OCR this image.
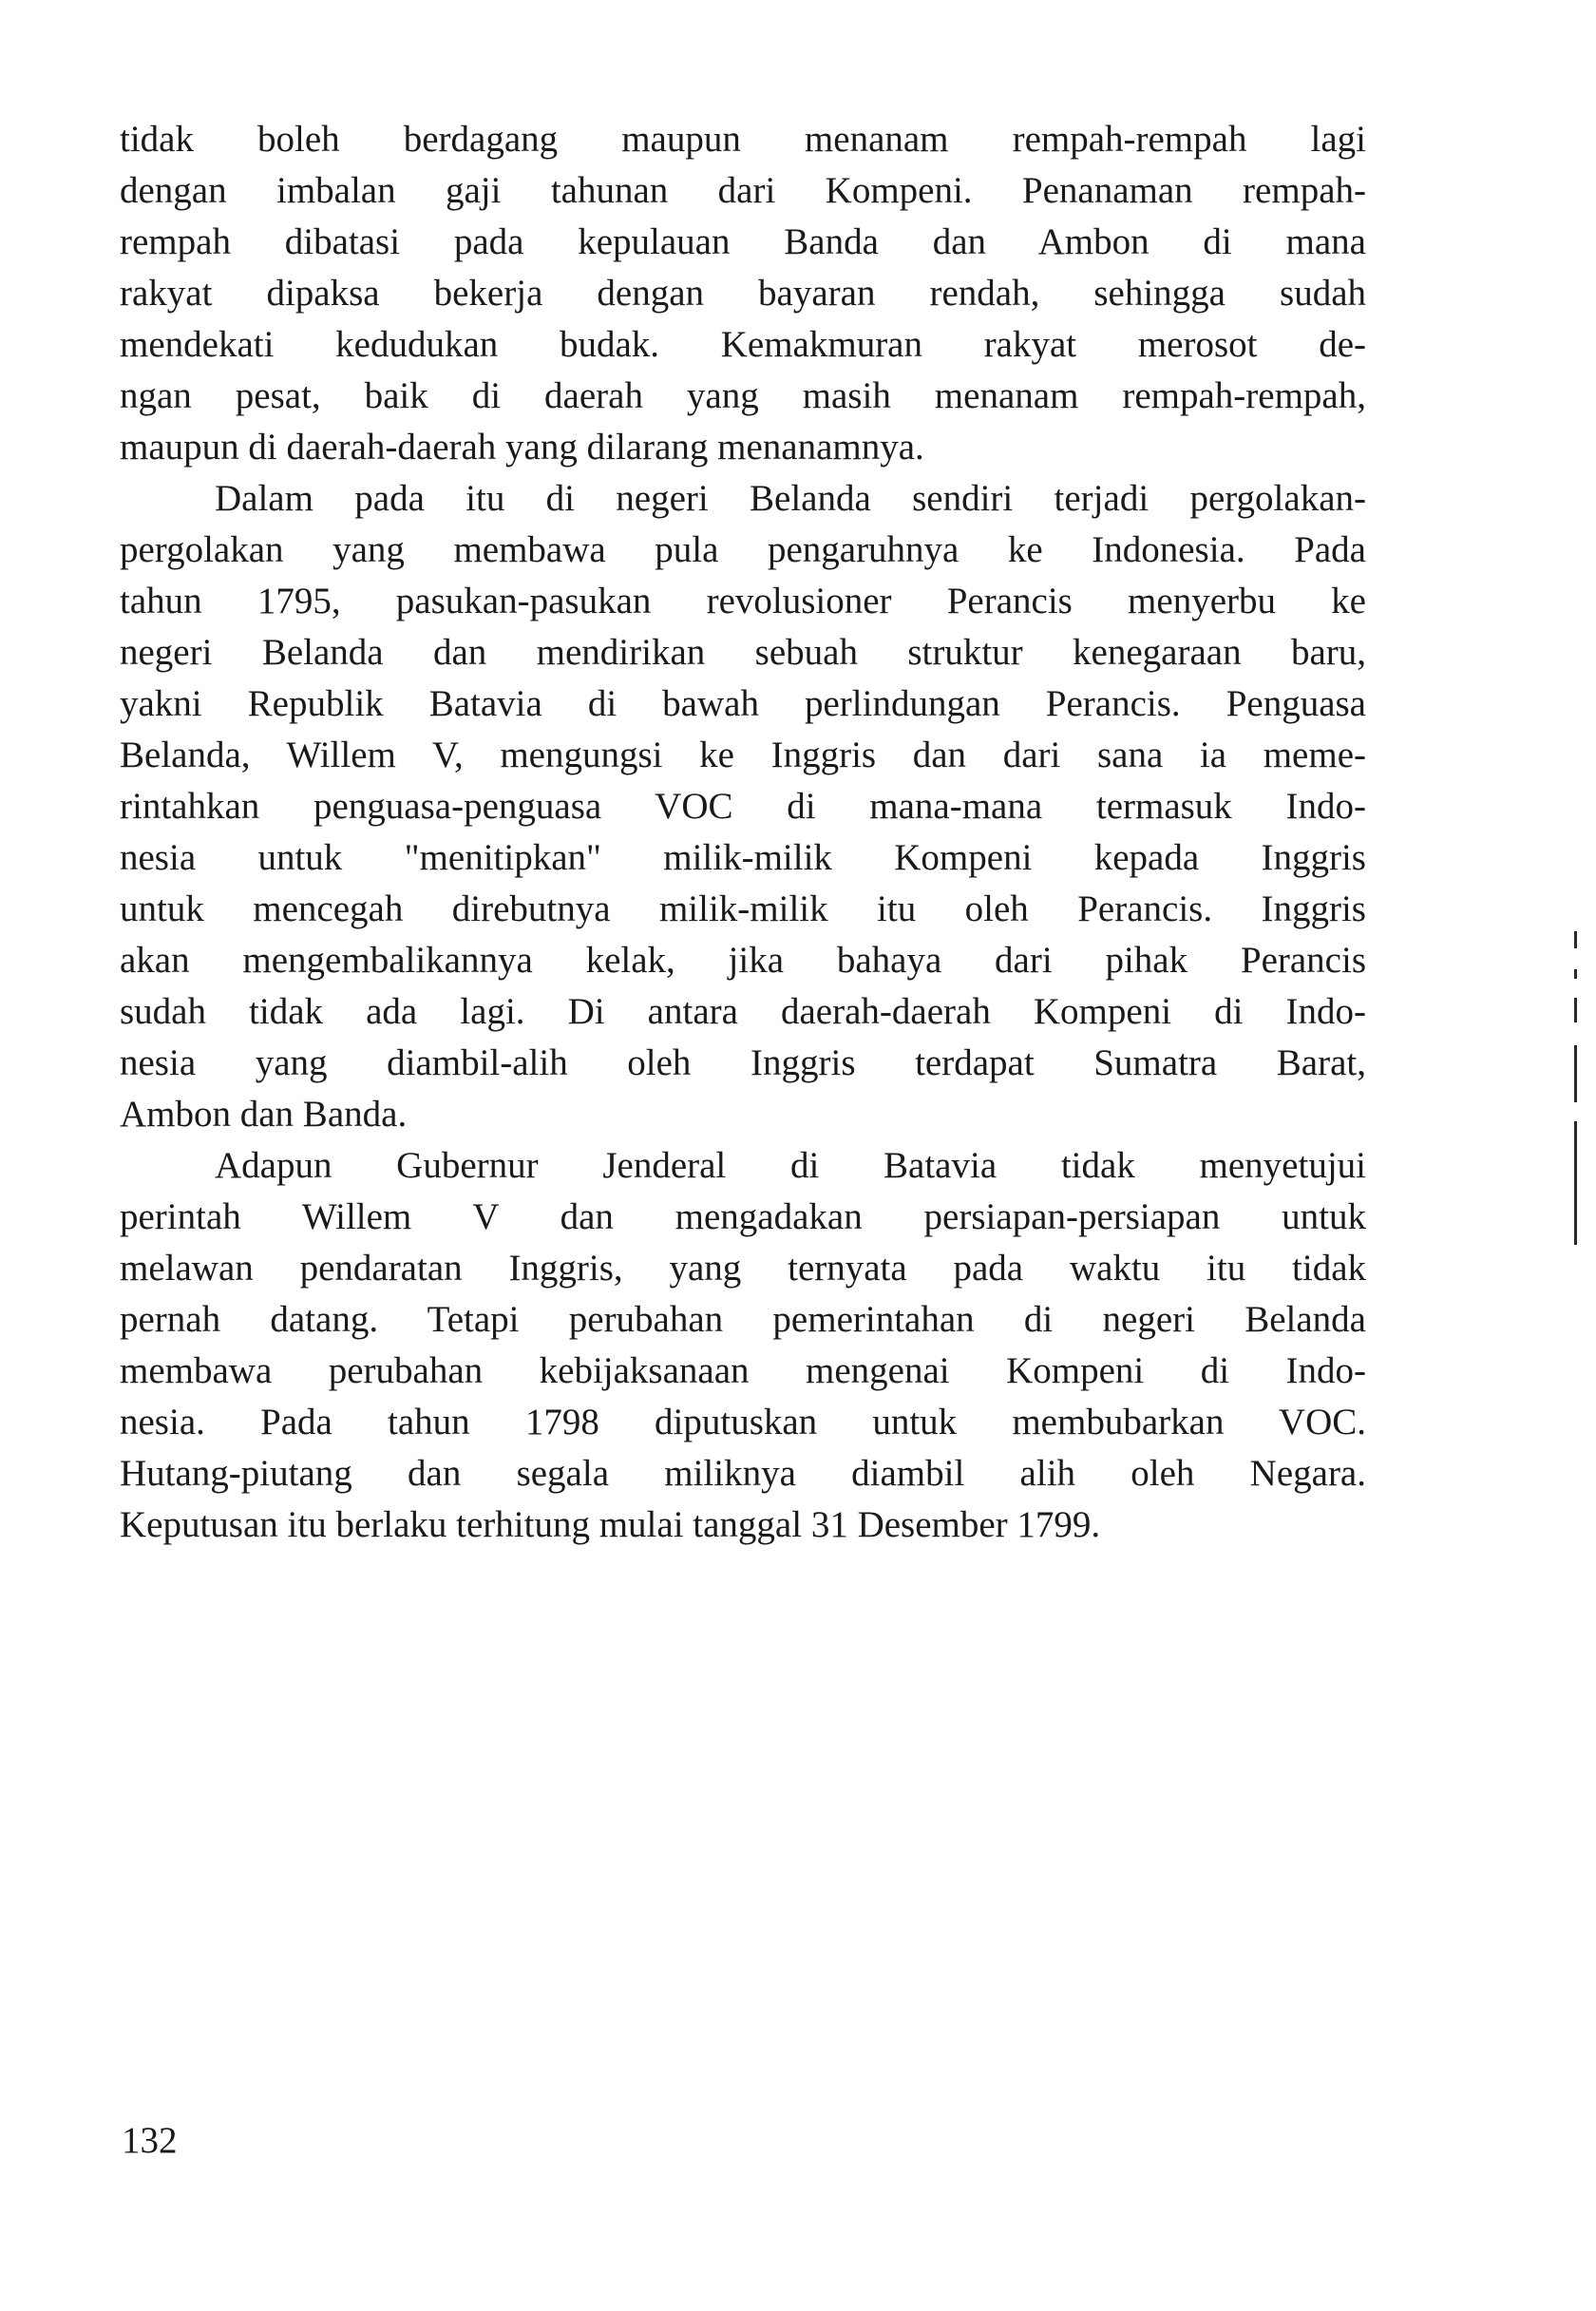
tidak boleh berdagang maupun menanam rempah-rempah lagi
dengan imbalan gaji tahunan dari Kompeni. Penanaman rempah-
rempah dibatasi pada kepulauan Banda dan Ambon di mana
rakyat dipaksa bekerja dengan bayaran rendah, sehingga sudah
mendekati kedudukan budak. Kemakmuran rakyat merosot de-
ngan pesat, baik di daerah yang masih menanam rempah-rempah,
maupun di daerah-daerah yang dilarang menanamnya.

Dalam pada itu di negeri Belanda sendiri terjadi pergolakan-
pergolakan yang membawa pula pengaruhnya ke Indonesia. Pada
tahun 1795, pasukan-pasukan revolusioner Perancis menyerbu ke
negeri Belanda dan mendirikan sebuah struktur kenegaraan baru,
yakni Republik Batavia di bawah perlindungan Perancis. Penguasa
Belanda, Willem V, mengungsi ke Inggris dan dari sana ia meme-
rintahkan penguasa-penguasa VOC di mana-mana termasuk Indo-
nesia untuk "menitipkan" milik-milik Kompeni kepada Inggris
untuk mencegah direbutnya milik-milik itu oleh Perancis. Inggris
akan mengembalikannya kelak, jika bahaya dari pihak Perancis
sudah tidak ada lagi. Di antara daerah-daerah Kompeni di Indo-
nesia yang diambil-alih oleh Inggris terdapat Sumatra Barat,
Ambon dan Banda.

Adapun Gubernur Jenderal di Batavia tidak menyetujui
perintah Willem V dan mengadakan persiapan-persiapan untuk
melawan pendaratan Inggris, yang ternyata pada waktu itu tidak
pernah datang. Tetapi perubahan pemerintahan di negeri Belanda
membawa perubahan kebijaksanaan mengenai Kompeni di Indo-
nesia. Pada tahun 1798 diputuskan untuk membubarkan VOC.
Hutang-piutang dan segala miliknya diambil alih oleh Negara.
Keputusan itu berlaku terhitung mulai tanggal 31 Desember 1799.

132
